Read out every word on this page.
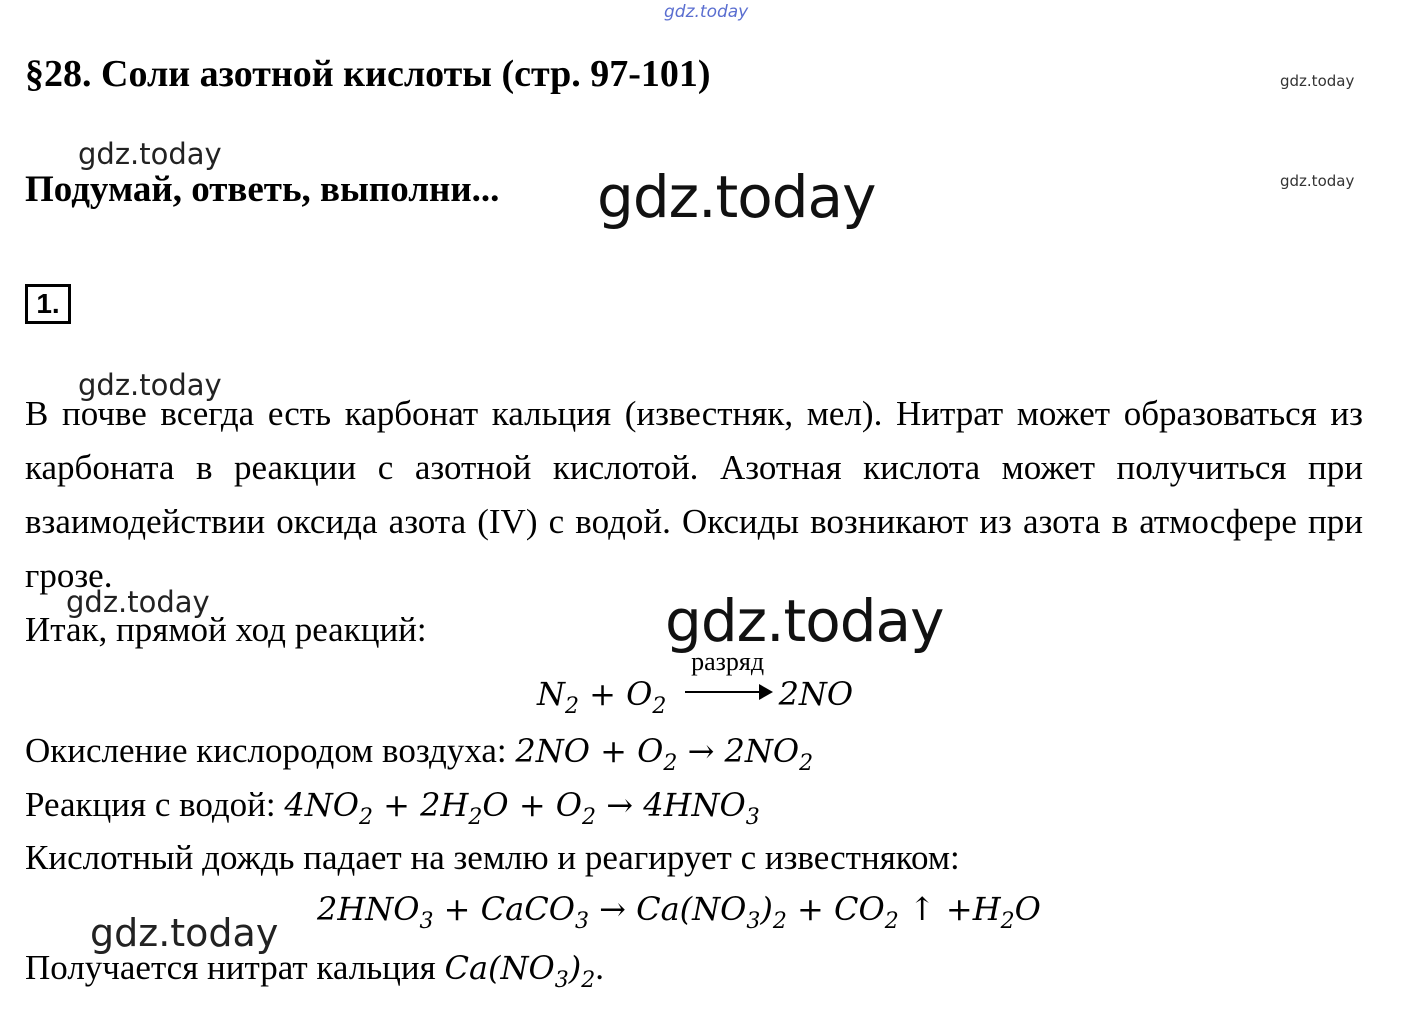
gdz.today
gdz.today
gdz.today
gdz.today
gdz.today
gdz.today
gdz.today	gdz.today
gdz.today
§28. Соли азотной кислоты (стр. 97-101)
Подумай, ответь, выполни...
1.
В почве всегда есть карбонат кальция (известняк, мел). Нитрат может образоваться из карбоната в реакции с азотной кислотой. Азотная кислота может получиться при взаимодействии оксида азота (IV) с водой. Оксиды возникают из азота в атмосфере при грозе.
Итак, прямой ход реакций:
$N_2 + O_2$
разряд
2NO
Окисление кислородом воздуха: $2NO + O_2 \to 2NO_2$
Реакция с водой: $4NO_2 + 2H_2O + O_2 \to 4HNO_3$
Кислотный дождь падает на землю и реагирует с известняком:
$2HNO_3$ + CaCO$_3$ → $Ca(NO_3)_2 + CO_2$ ↑ $+H_2O$
Получается нитрат кальция $Ca(NO_3)_2$.
